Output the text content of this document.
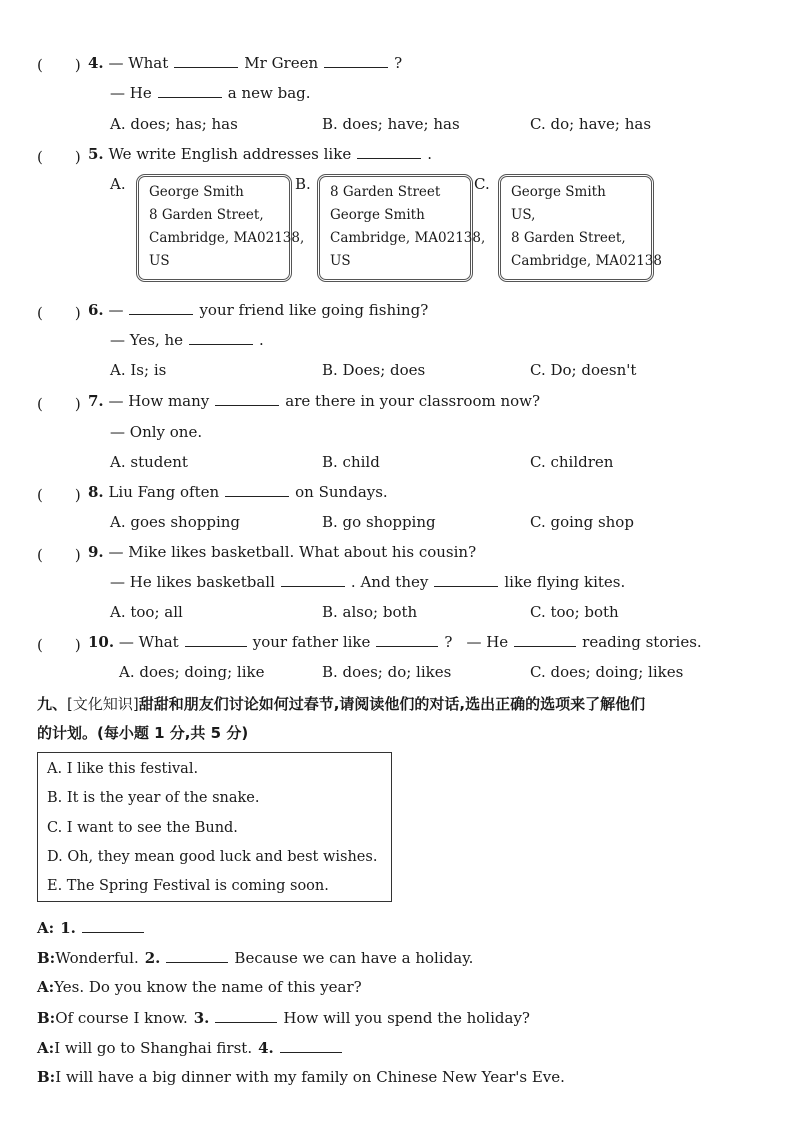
( ) 4. — What	Mr Green	?
— He	a new bag.
A. does; has; has	B. does; have; has	C. do; have; has
( ) 5. We write English addresses like	.
A. George Smith
8 Garden Street,
Cambridge, MA02138,
US
B. 8 Garden Street
George Smith
Cambridge, MA02138,
US
C. George Smith
US,
8 Garden Street,
Cambridge, MA02138
( ) 6. —	your friend like going fishing?
— Yes, he	.
A. Is; is	B. Does; does	C. Do; doesn't
( ) 7. — How many	are there in your classroom now?
— Only one.
A. student	B. child	C. children
( ) 8. Liu Fang often	on Sundays.
A. goes shopping	B. go shopping	C. going shop
( ) 9. — Mike likes basketball. What about his cousin?
— He likes basketball	. And they	like flying kites.
A. too; all	B. also; both	C. too; both
( ) 10. — What	your father like	? — He	reading stories.
A. does; doing; like	B. does; do; likes	C. does; doing; likes
九、[文化知识]甜甜和朋友们讨论如何过春节,请阅读他们的对话,选出正确的选项来了解他们
的计划。(每小题 1 分,共 5 分)
A. I like this festival.
B. It is the year of the snake.
C. I want to see the Bund.
D. Oh, they mean good luck and best wishes.
E. The Spring Festival is coming soon.
A: 1.
B:Wonderful. 2.	Because we can have a holiday.
A:Yes. Do you know the name of this year?
B:Of course I know. 3.	How will you spend the holiday?
A:I will go to Shanghai first. 4.
B:I will have a big dinner with my family on Chinese New Year's Eve.
